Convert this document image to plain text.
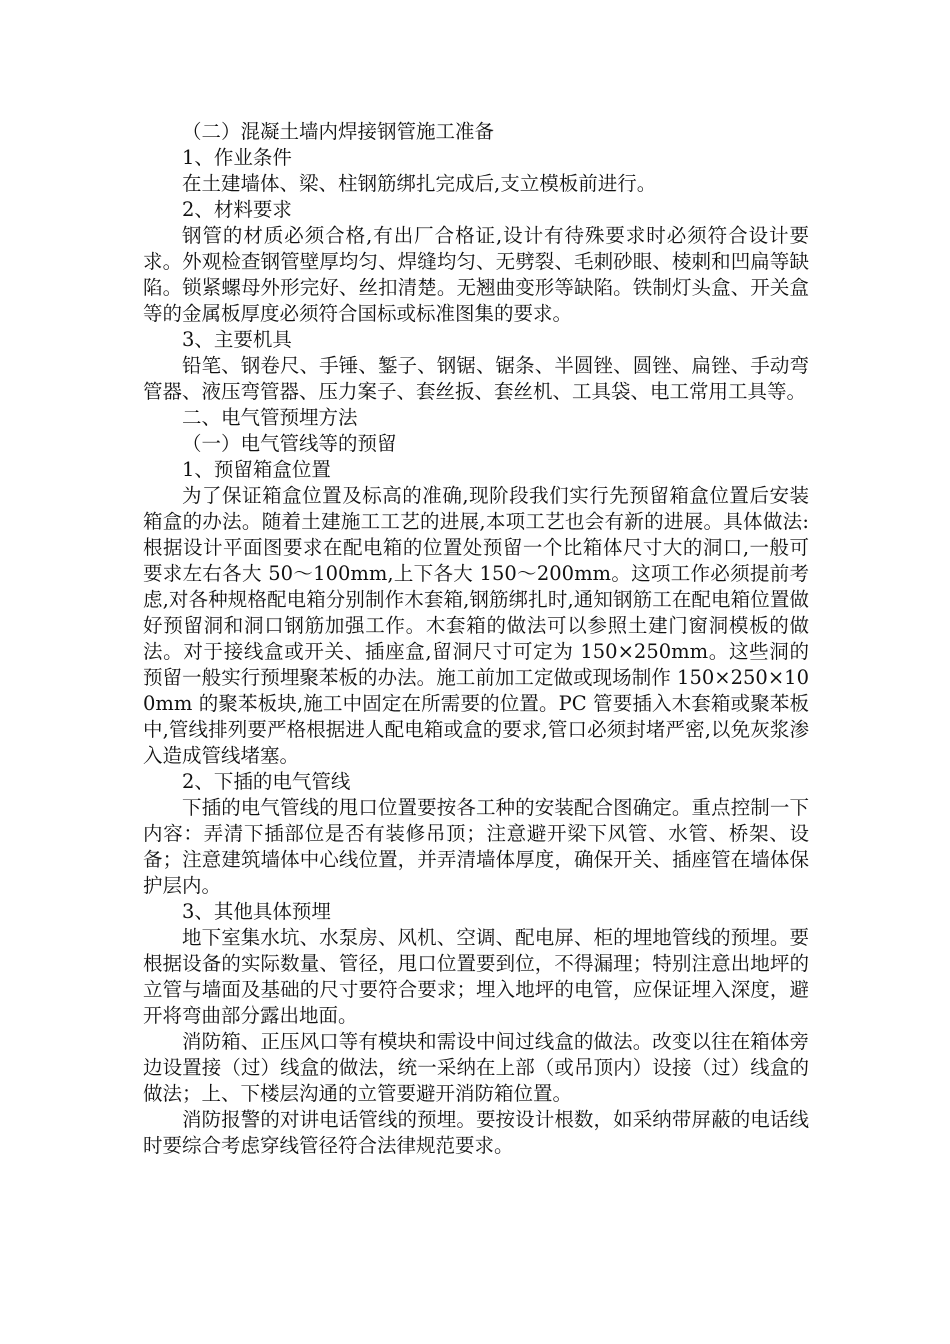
（二）混凝土墙内焊接钢管施工准备

1、作业条件

在土建墙体、梁、柱钢筋绑扎完成后,支立模板前进行。

2、材料要求

钢管的材质必须合格,有出厂合格证,设计有待殊要求时必须符合设计要求。外观检查钢管壁厚均匀、焊缝均匀、无劈裂、毛刺砂眼、棱刺和凹扁等缺陷。锁紧螺母外形完好、丝扣清楚。无翘曲变形等缺陷。铁制灯头盒、开关盒等的金属板厚度必须符合国标或标准图集的要求。

3、主要机具

铅笔、钢卷尺、手锤、錾子、钢锯、锯条、半圆锉、圆锉、扁锉、手动弯管器、液压弯管器、压力案子、套丝扳、套丝机、工具袋、电工常用工具等。

二、电气管预埋方法

（一）电气管线等的预留

1、预留箱盒位置

为了保证箱盒位置及标高的准确,现阶段我们实行先预留箱盒位置后安装箱盒的办法。随着土建施工工艺的进展,本项工艺也会有新的进展。具体做法:根据设计平面图要求在配电箱的位置处预留一个比箱体尺寸大的洞口,一般可要求左右各大 50～100mm,上下各大 150～200mm。这项工作必须提前考虑,对各种规格配电箱分别制作木套箱,钢筋绑扎时,通知钢筋工在配电箱位置做好预留洞和洞口钢筋加强工作。木套箱的做法可以参照土建门窗洞模板的做法。对于接线盒或开关、插座盒,留洞尺寸可定为 150×250mm。这些洞的预留一般实行预埋聚苯板的办法。施工前加工定做或现场制作 150×250×100mm 的聚苯板块,施工中固定在所需要的位置。PC 管要插入木套箱或聚苯板中,管线排列要严格根据进人配电箱或盒的要求,管口必须封堵严密,以免灰浆渗入造成管线堵塞。

2、下插的电气管线

下插的电气管线的甩口位置要按各工种的安装配合图确定。重点控制一下内容：弄清下插部位是否有装修吊顶；注意避开梁下风管、水管、桥架、设备；注意建筑墙体中心线位置，并弄清墙体厚度，确保开关、插座管在墙体保护层内。

3、其他具体预埋

地下室集水坑、水泵房、风机、空调、配电屏、柜的埋地管线的预埋。要根据设备的实际数量、管径，甩口位置要到位，不得漏理；特别注意出地坪的立管与墙面及基础的尺寸要符合要求；埋入地坪的电管，应保证埋入深度，避开将弯曲部分露出地面。

消防箱、正压风口等有模块和需设中间过线盒的做法。改变以往在箱体旁边设置接（过）线盒的做法，统一采纳在上部（或吊顶内）设接（过）线盒的做法；上、下楼层沟通的立管要避开消防箱位置。

消防报警的对讲电话管线的预埋。要按设计根数，如采纳带屏蔽的电话线时要综合考虑穿线管径符合法律规范要求。
